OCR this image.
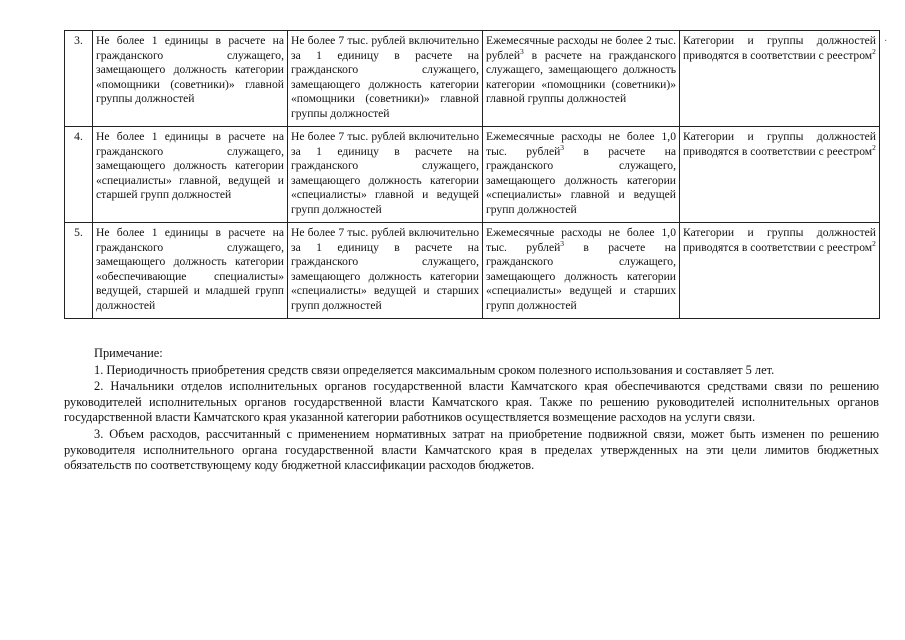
·
3.	Не более 1 единицы в расчете на гражданского служащего, замещающего должность категории «помощники (советники)» главной группы должностей	Не более 7 тыс. рублей включительно за 1 единицу в расчете на гражданского служащего, замещающего должность категории «помощники (советники)» главной группы должностей	Ежемесячные расходы не более 2 тыс. рублей$^3$ в расчете на гражданского служащего, замещающего должность категории «помощники (советники)» главной группы должностей	Категории и группы должностей приводятся в соответствии с реестром$^2$
4.	Не более 1 единицы в расчете на гражданского служащего, замещающего должность категории «специалисты» главной, ведущей и старшей групп должностей	Не более 7 тыс. рублей включительно за 1 единицу в расчете на гражданского служащего, замещающего должность категории «специалисты» главной и ведущей групп должностей	Ежемесячные расходы не более 1,0 тыс. рублей$^3$ в расчете на гражданского служащего, замещающего должность категории «специалисты» главной и ведущей групп должностей	Категории и группы должностей приводятся в соответствии с реестром$^2$
5.	Не более 1 единицы в расчете на гражданского служащего, замещающего должность категории «обеспечивающие специалисты» ведущей, старшей и младшей групп должностей	Не более 7 тыс. рублей включительно за 1 единицу в расчете на гражданского служащего, замещающего должность категории «специалисты» ведущей и старших групп должностей	Ежемесячные расходы не более 1,0 тыс. рублей$^3$ в расчете на гражданского служащего, замещающего должность категории «специалисты» ведущей и старших групп должностей	Категории и группы должностей приводятся в соответствии с реестром$^2$

Примечание:

1. Периодичность приобретения средств связи определяется максимальным сроком полезного использования и составляет 5 лет.

2. Начальники отделов исполнительных органов государственной власти Камчатского края обеспечиваются средствами связи по решению руководителей исполнительных органов государственной власти Камчатского края. Также по решению руководителей исполнительных органов государственной власти Камчатского края указанной категории работников осуществляется возмещение расходов на услуги связи.

3. Объем расходов, рассчитанный с применением нормативных затрат на приобретение подвижной связи, может быть изменен по решению руководителя исполнительного органа государственной власти Камчатского края в пределах утвержденных на эти цели лимитов бюджетных обязательств по соответствующему коду бюджетной классификации расходов бюджетов.
